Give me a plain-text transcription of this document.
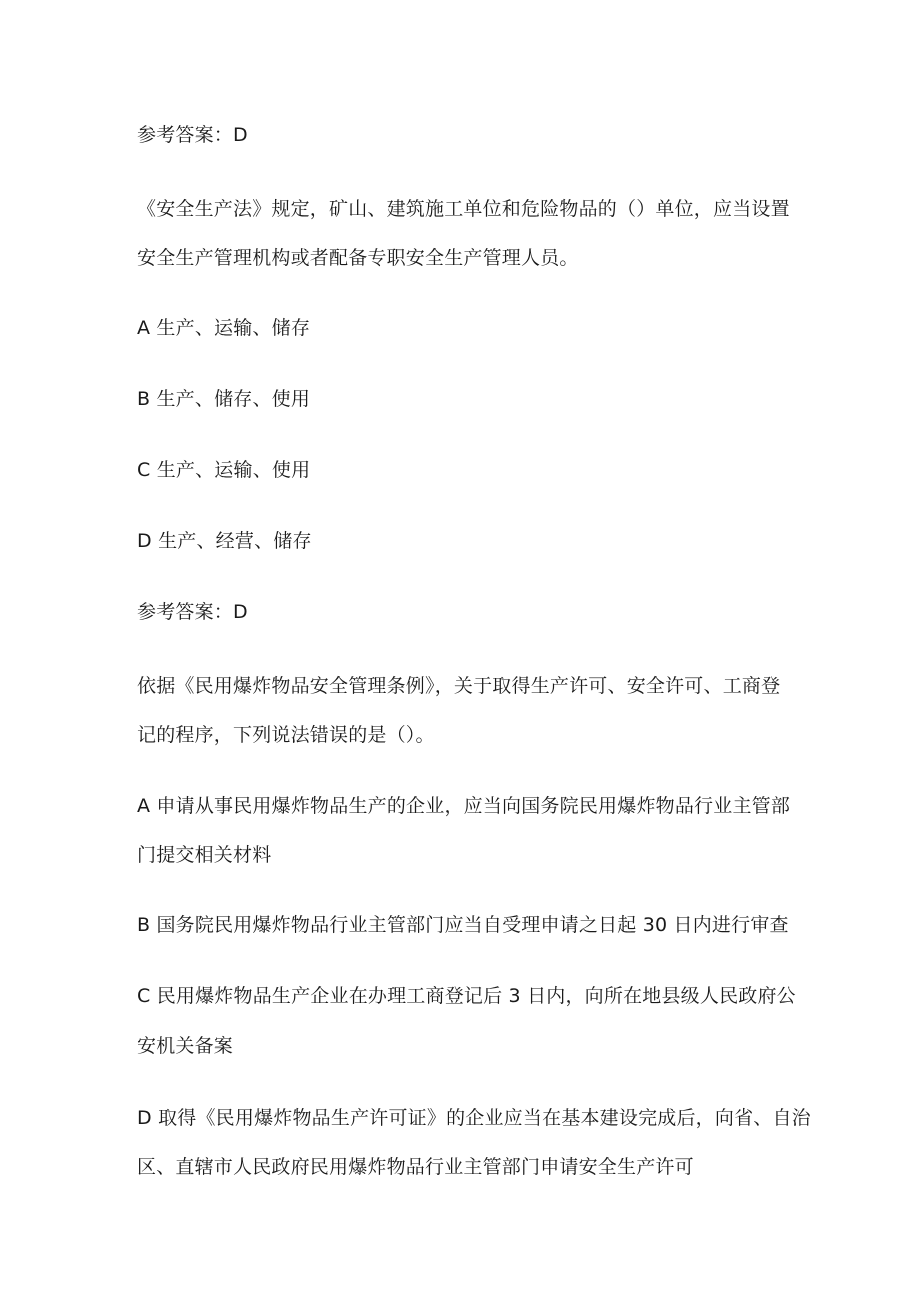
参考答案：D
《安全生产法》规定，矿山、建筑施工单位和危险物品的（）单位，应当设置
安全生产管理机构或者配备专职安全生产管理人员。
A 生产、运输、储存
B 生产、储存、使用
C 生产、运输、使用
D 生产、经营、储存
参考答案：D
依据《民用爆炸物品安全管理条例》，关于取得生产许可、安全许可、工商登
记的程序，下列说法错误的是（）。
A 申请从事民用爆炸物品生产的企业，应当向国务院民用爆炸物品行业主管部
门提交相关材料
B 国务院民用爆炸物品行业主管部门应当自受理申请之日起 30 日内进行审查
C 民用爆炸物品生产企业在办理工商登记后 3 日内，向所在地县级人民政府公
安机关备案
D 取得《民用爆炸物品生产许可证》的企业应当在基本建设完成后，向省、自治
区、直辖市人民政府民用爆炸物品行业主管部门申请安全生产许可
